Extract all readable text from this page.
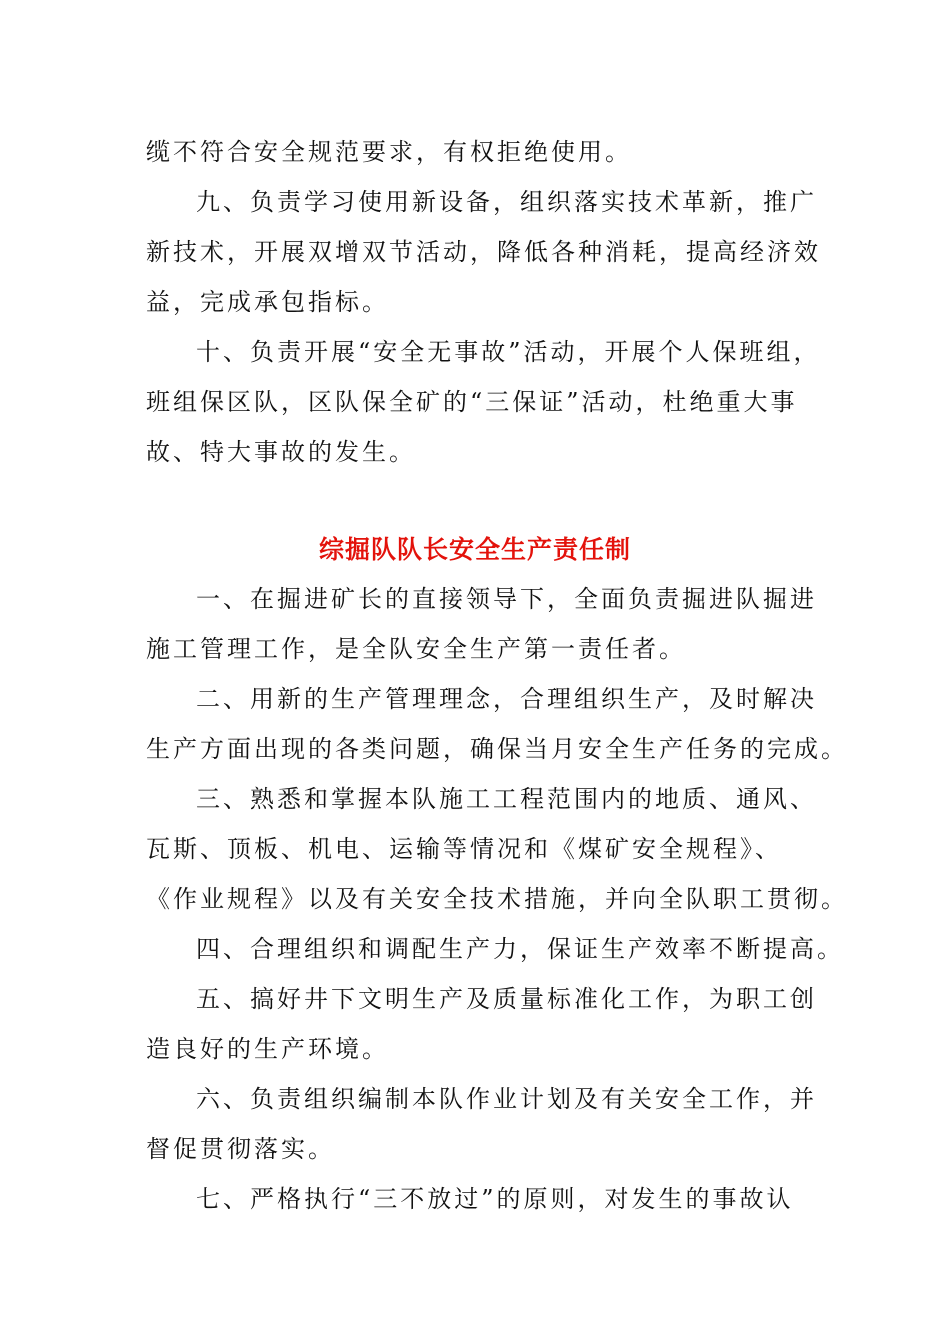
缆不符合安全规范要求，有权拒绝使用。
九、负责学习使用新设备，组织落实技术革新，推广
新技术，开展双增双节活动，降低各种消耗，提高经济效
益，完成承包指标。
十、负责开展“安全无事故”活动，开展个人保班组，
班组保区队，区队保全矿的“三保证”活动，杜绝重大事
故、特大事故的发生。
综掘队队长安全生产责任制
一、在掘进矿长的直接领导下，全面负责掘进队掘进
施工管理工作，是全队安全生产第一责任者。
二、用新的生产管理理念，合理组织生产，及时解决
生产方面出现的各类问题，确保当月安全生产任务的完成。
三、熟悉和掌握本队施工工程范围内的地质、通风、
瓦斯、顶板、机电、运输等情况和《煤矿安全规程》、
《作业规程》以及有关安全技术措施，并向全队职工贯彻。
四、合理组织和调配生产力，保证生产效率不断提高。
五、搞好井下文明生产及质量标准化工作，为职工创
造良好的生产环境。
六、负责组织编制本队作业计划及有关安全工作，并
督促贯彻落实。
七、严格执行“三不放过”的原则，对发生的事故认
